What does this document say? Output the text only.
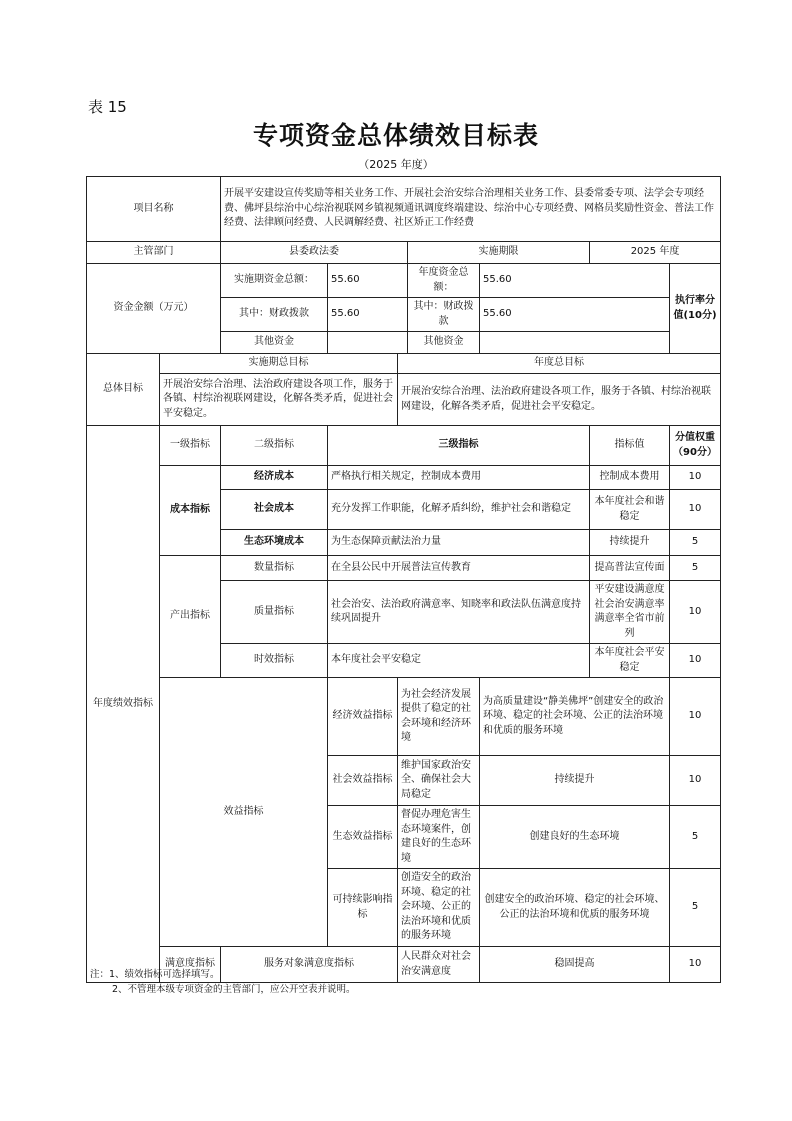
表 15
专项资金总体绩效目标表
（2025 年度）
项目名称		开展平安建设宣传奖励等相关业务工作、开展社会治安综合治理相关业务工作、县委常委专项、法学会专项经费、佛坪县综治中心综治视联网乡镇视频通讯调度终端建设、综治中心专项经费、网格员奖励性资金、普法工作经费、法律顾问经费、人民调解经费、社区矫正工作经费						
主管部门		县委政法委			实施期限		2025 年度	
资金金额（万元）		实施期资金总额：	55.60		年度资金总额：	55.60		执行率分值(10分)
		其中：财政拨款	55.60		其中：财政拨款	55.60		
		其他资金			其他资金			
总体目标	实施期总目标			年度总目标				
	开展治安综合治理、法治政府建设各项工作，服务于各镇、村综治视联网建设，化解各类矛盾，促进社会平安稳定。			开展治安综合治理、法治政府建设各项工作，服务于各镇、村综治视联网建设，化解各类矛盾，促进社会平安稳定。				
年度绩效指标	一级指标	二级指标	三级指标				指标值	分值权重（90分）
	成本指标	经济成本	严格执行相关规定，控制成本费用				控制成本费用	10
		社会成本	充分发挥工作职能，化解矛盾纠纷，维护社会和谐稳定				本年度社会和谐稳定	10
		生态环境成本	为生态保障贡献法治力量				持续提升	5
	产出指标	数量指标	在全县公民中开展普法宣传教育				提高普法宣传面	5
		质量指标	社会治安、法治政府满意率、知晓率和政法队伍满意度持续巩固提升				平安建设满意度社会治安满意率满意率全省市前列	10
		时效指标	本年度社会平安稳定				本年度社会平安稳定	10
	效益指标		经济效益指标	为社会经济发展提供了稳定的社会环境和经济环境		为高质量建设“静美佛坪”创建安全的政治环境、稳定的社会环境、公正的法治环境和优质的服务环境		10
			社会效益指标	维护国家政治安全、确保社会大局稳定		持续提升		10
			生态效益指标	督促办理危害生态环境案件，创建良好的生态环境		创建良好的生态环境		5
			可持续影响指标	创造安全的政治环境、稳定的社会环境、公正的法治环境和优质的服务环境		创建安全的政治环境、稳定的社会环境、公正的法治环境和优质的服务环境		5
	满意度指标	服务对象满意度指标		人民群众对社会治安满意度		稳固提高		10
注：1、绩效指标可选择填写。
2、不管理本级专项资金的主管部门，应公开空表并说明。
